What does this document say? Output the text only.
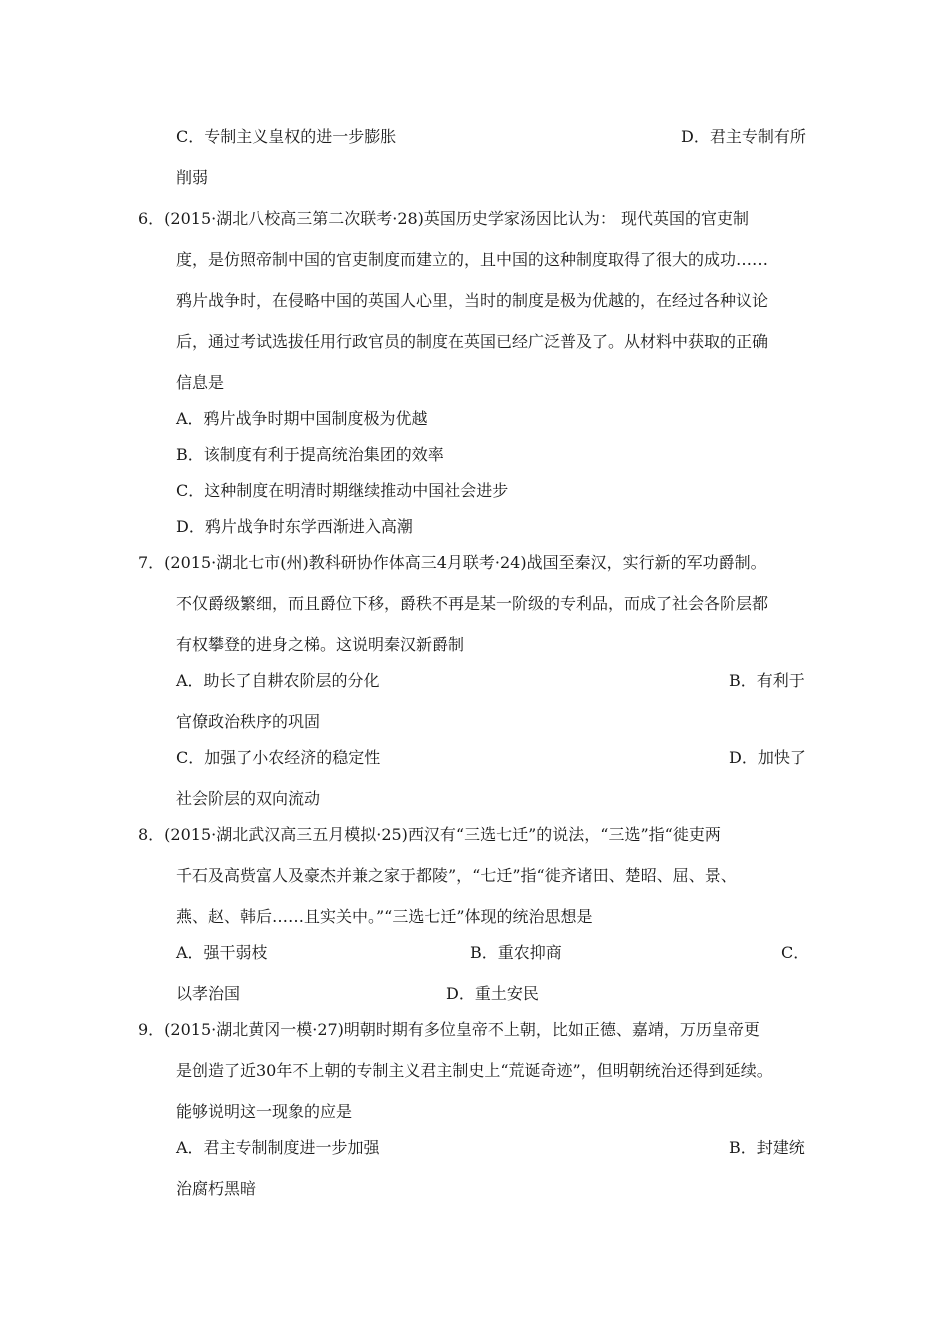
C．专制主义皇权的进一步膨胀	D．君主专制有所
削弱
6．(2015·湖北八校高三第二次联考·28)英国历史学家汤因比认为： 现代英国的官吏制
度，是仿照帝制中国的官吏制度而建立的，且中国的这种制度取得了很大的成功……
鸦片战争时，在侵略中国的英国人心里，当时的制度是极为优越的，在经过各种议论
后，通过考试选拔任用行政官员的制度在英国已经广泛普及了。从材料中获取的正确
信息是
A．鸦片战争时期中国制度极为优越
B．该制度有利于提高统治集团的效率
C．这种制度在明清时期继续推动中国社会进步
D．鸦片战争时东学西渐进入高潮
7．(2015·湖北七市(州)教科研协作体高三4月联考·24)战国至秦汉，实行新的军功爵制。
不仅爵级繁细，而且爵位下移，爵秩不再是某一阶级的专利品，而成了社会各阶层都
有权攀登的进身之梯。这说明秦汉新爵制
A．助长了自耕农阶层的分化	B．有利于
官僚政治秩序的巩固
C．加强了小农经济的稳定性	D．加快了
社会阶层的双向流动
8．(2015·湖北武汉高三五月模拟·25)西汉有“三选七迁”的说法，“三选”指“徙吏两
千石及高赀富人及豪杰并兼之家于都陵”，“七迁”指“徙齐诸田、楚昭、屈、景、
燕、赵、韩后……且实关中。”“三选七迁”体现的统治思想是
A．强干弱枝	B．重农抑商	C．
以孝治国	D．重土安民
9．(2015·湖北黄冈一模·27)明朝时期有多位皇帝不上朝，比如正德、嘉靖，万历皇帝更
是创造了近30年不上朝的专制主义君主制史上“荒诞奇迹”，但明朝统治还得到延续。
能够说明这一现象的应是
A．君主专制制度进一步加强	B．封建统
治腐朽黑暗
